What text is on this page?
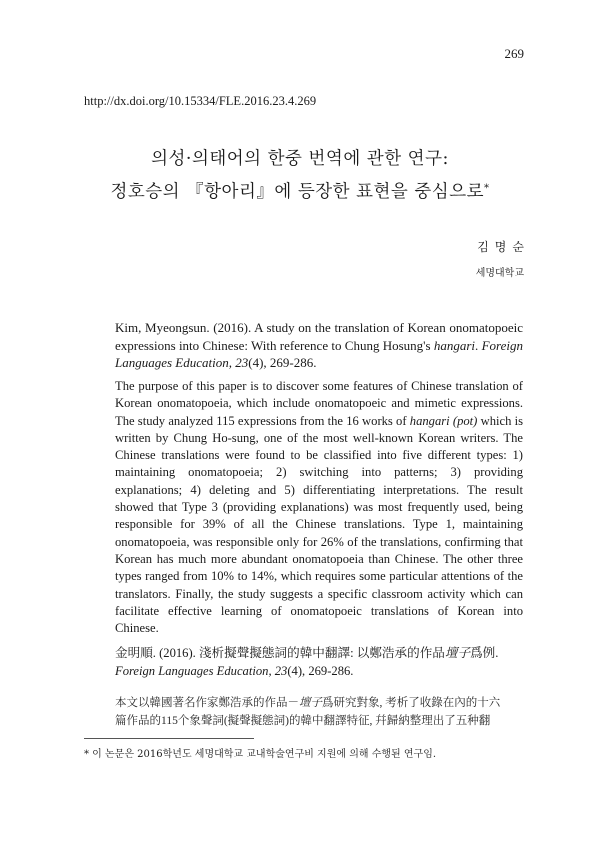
269
http://dx.doi.org/10.15334/FLE.2016.23.4.269
의성·의태어의 한중 번역에 관한 연구:
정호승의 『항아리』에 등장한 표현을 중심으로*
김명순
세명대학교
Kim, Myeongsun. (2016). A study on the translation of Korean onomatopoeic expressions into Chinese: With reference to Chung Hosung's hangari. Foreign Languages Education, 23(4), 269-286.

The purpose of this paper is to discover some features of Chinese translation of Korean onomatopoeia, which include onomatopoeic and mimetic expressions. The study analyzed 115 expressions from the 16 works of hangari (pot) which is written by Chung Ho-sung, one of the most well-known Korean writers. The Chinese translations were found to be classified into five different types: 1) maintaining onomatopoeia; 2) switching into patterns; 3) providing explanations; 4) deleting and 5) differentiating interpretations. The result showed that Type 3 (providing explanations) was most frequently used, being responsible for 39% of all the Chinese translations. Type 1, maintaining onomatopoeia, was responsible only for 26% of the translations, confirming that Korean has much more abundant onomatopoeia than Chinese. The other three types ranged from 10% to 14%, which requires some particular attentions of the translators. Finally, the study suggests a specific classroom activity which can facilitate effective learning of onomatopoeic translations of Korean into Chinese.

金明順. (2016). 淺析擬聲擬態詞的韓中翻譯: 以鄭浩承的作品壇子爲例.
Foreign Languages Education, 23(4), 269-286.
本文以韓國著名作家鄭浩承的作品－壇子爲研究對象, 考析了收錄在內的十六
篇作品的115个象聲詞(擬聲擬態詞)的韓中翻譯特征, 幷歸納整理出了五种翻
* 이 논문은 2016학년도 세명대학교 교내학술연구비 지원에 의해 수행된 연구임.
